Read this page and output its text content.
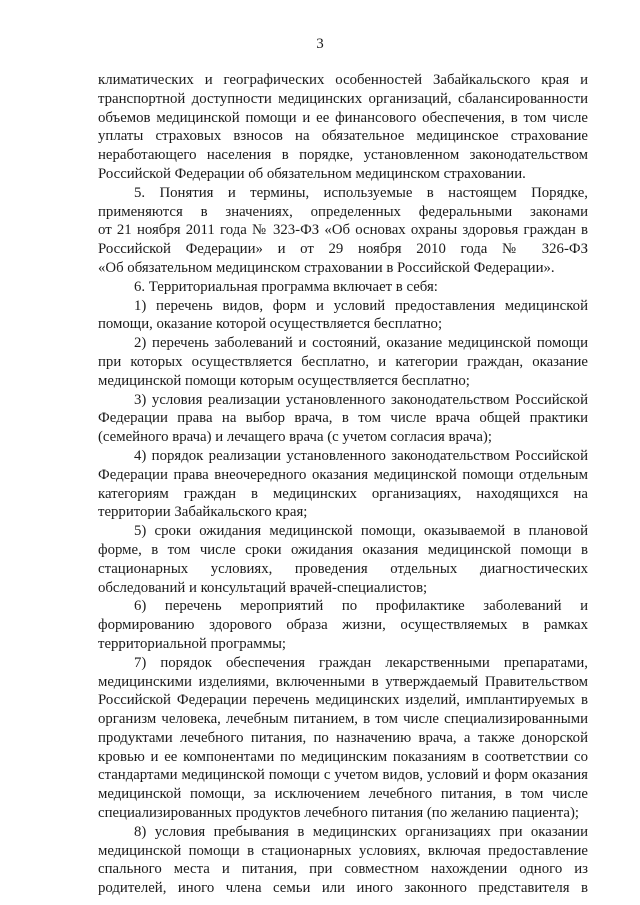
3
климатических и географических особенностей Забайкальского края и
транспортной доступности медицинских организаций, сбалансированности
объемов медицинской помощи и ее финансового обеспечения, в том числе
уплаты страховых взносов на обязательное медицинское страхование
неработающего населения в порядке, установленном законодательством
Российской Федерации об обязательном медицинском страховании.
5. Понятия и термины, используемые в настоящем Порядке,
применяются в значениях, определенных федеральными законами
от 21 ноября 2011 года № 323-ФЗ «Об основах охраны здоровья граждан в
Российской Федерации» и от 29 ноября 2010 года № 326-ФЗ
«Об обязательном медицинском страховании в Российской Федерации».
6. Территориальная программа включает в себя:
1) перечень видов, форм и условий предоставления медицинской
помощи, оказание которой осуществляется бесплатно;
2) перечень заболеваний и состояний, оказание медицинской помощи
при которых осуществляется бесплатно, и категории граждан, оказание
медицинской помощи которым осуществляется бесплатно;
3) условия реализации установленного законодательством Российской
Федерации права на выбор врача, в том числе врача общей практики
(семейного врача) и лечащего врача (с учетом согласия врача);
4) порядок реализации установленного законодательством Российской
Федерации права внеочередного оказания медицинской помощи отдельным
категориям граждан в медицинских организациях, находящихся на
территории Забайкальского края;
5) сроки ожидания медицинской помощи, оказываемой в плановой
форме, в том числе сроки ожидания оказания медицинской помощи в
стационарных условиях, проведения отдельных диагностических
обследований и консультаций врачей-специалистов;
6) перечень мероприятий по профилактике заболеваний и
формированию здорового образа жизни, осуществляемых в рамках
территориальной программы;
7) порядок обеспечения граждан лекарственными препаратами,
медицинскими изделиями, включенными в утверждаемый Правительством
Российской Федерации перечень медицинских изделий, имплантируемых в
организм человека, лечебным питанием, в том числе специализированными
продуктами лечебного питания, по назначению врача, а также донорской
кровью и ее компонентами по медицинским показаниям в соответствии со
стандартами медицинской помощи с учетом видов, условий и форм оказания
медицинской помощи, за исключением лечебного питания, в том числе
специализированных продуктов лечебного питания (по желанию пациента);
8) условия пребывания в медицинских организациях при оказании
медицинской помощи в стационарных условиях, включая предоставление
спального места и питания, при совместном нахождении одного из
родителей, иного члена семьи или иного законного представителя в
